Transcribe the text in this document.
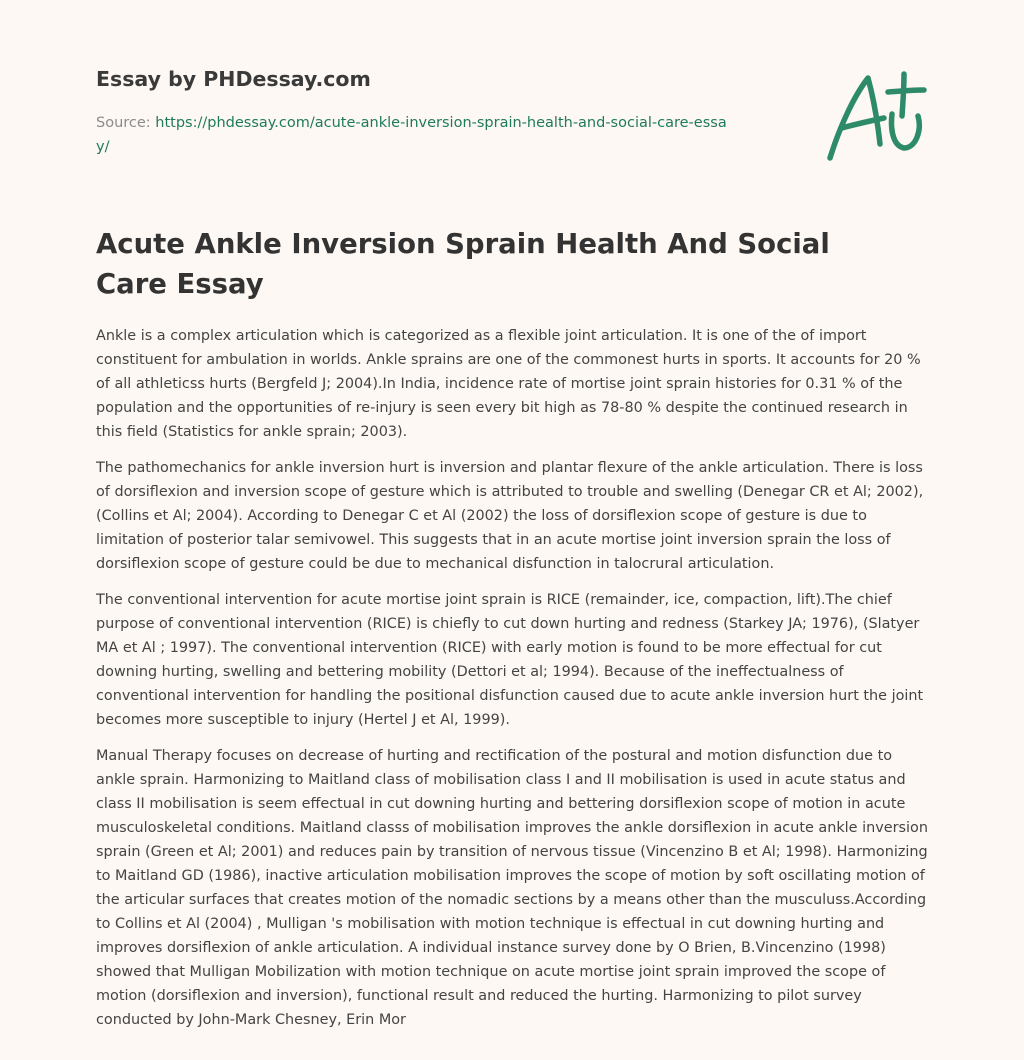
Essay by PHDessay.com
Source: https://phdessay.com/acute-ankle-inversion-sprain-health-and-social-care-essay/
Acute Ankle Inversion Sprain Health And Social Care Essay

Ankle is a complex articulation which is categorized as a flexible joint articulation. It is one of the of import constituent for ambulation in worlds. Ankle sprains are one of the commonest hurts in sports. It accounts for 20 % of all athleticss hurts (Bergfeld J; 2004).In India, incidence rate of mortise joint sprain histories for 0.31 % of the population and the opportunities of re-injury is seen every bit high as 78-80 % despite the continued research in this field (Statistics for ankle sprain; 2003).

The pathomechanics for ankle inversion hurt is inversion and plantar flexure of the ankle articulation. There is loss of dorsiflexion and inversion scope of gesture which is attributed to trouble and swelling (Denegar CR et Al; 2002), (Collins et Al; 2004). According to Denegar C et Al (2002) the loss of dorsiflexion scope of gesture is due to limitation of posterior talar semivowel. This suggests that in an acute mortise joint inversion sprain the loss of dorsiflexion scope of gesture could be due to mechanical disfunction in talocrural articulation.

The conventional intervention for acute mortise joint sprain is RICE (remainder, ice, compaction, lift).The chief purpose of conventional intervention (RICE) is chiefly to cut down hurting and redness (Starkey JA; 1976), (Slatyer MA et Al ; 1997). The conventional intervention (RICE) with early motion is found to be more effectual for cut downing hurting, swelling and bettering mobility (Dettori et al; 1994). Because of the ineffectualness of conventional intervention for handling the positional disfunction caused due to acute ankle inversion hurt the joint becomes more susceptible to injury (Hertel J et Al, 1999).

Manual Therapy focuses on decrease of hurting and rectification of the postural and motion disfunction due to ankle sprain. Harmonizing to Maitland class of mobilisation class I and II mobilisation is used in acute status and class II mobilisation is seem effectual in cut downing hurting and bettering dorsiflexion scope of motion in acute musculoskeletal conditions. Maitland classs of mobilisation improves the ankle dorsiflexion in acute ankle inversion sprain (Green et Al; 2001) and reduces pain by transition of nervous tissue (Vincenzino B et Al; 1998). Harmonizing to Maitland GD (1986), inactive articulation mobilisation improves the scope of motion by soft oscillating motion of the articular surfaces that creates motion of the nomadic sections by a means other than the musculuss.According to Collins et Al (2004) , Mulligan 's mobilisation with motion technique is effectual in cut downing hurting and improves dorsiflexion of ankle articulation. A individual instance survey done by O Brien, B.Vincenzino (1998) showed that Mulligan Mobilization with motion technique on acute mortise joint sprain improved the scope of motion (dorsiflexion and inversion), functional result and reduced the hurting. Harmonizing to pilot survey conducted by John-Mark Chesney, Erin Mor
